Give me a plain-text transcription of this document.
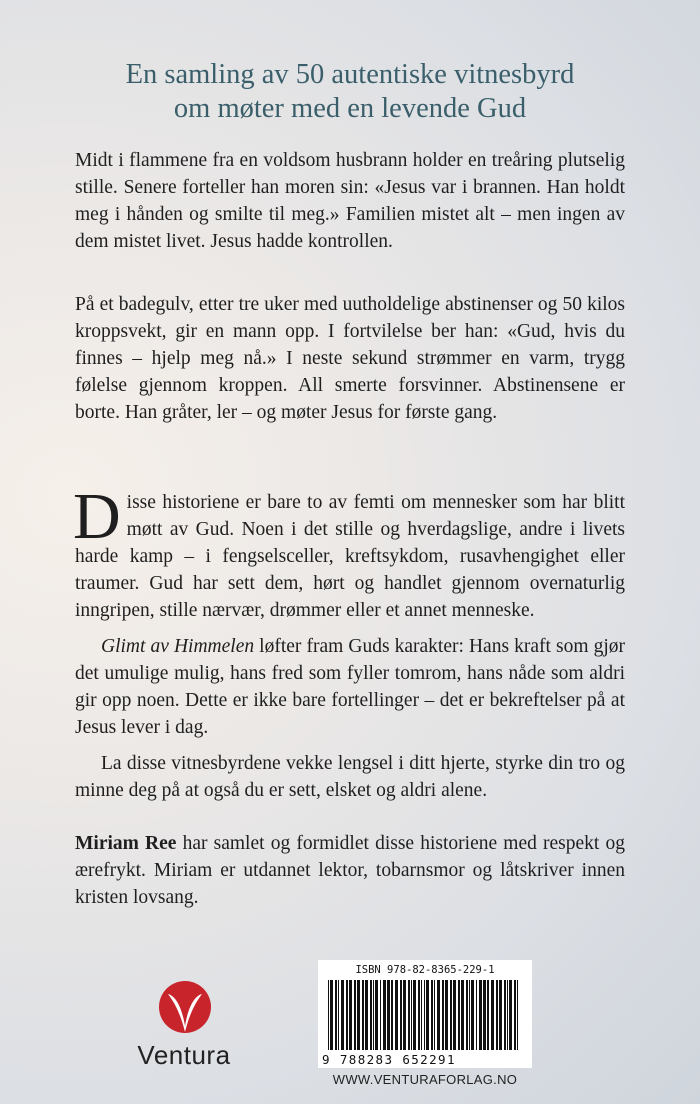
En samling av 50 autentiske vitnesbyrd
om møter med en levende Gud
Midt i flammene fra en voldsom husbrann holder en treåring plutselig stille. Senere forteller han moren sin: «Jesus var i brannen. Han holdt meg i hånden og smilte til meg.» Familien mistet alt – men ingen av dem mistet livet. Jesus hadde kontrollen.
På et badegulv, etter tre uker med uutholdelige abstinenser og 50 kilos kroppsvekt, gir en mann opp. I fortvilelse ber han: «Gud, hvis du finnes – hjelp meg nå.» I neste sekund strømmer en varm, trygg følelse gjennom kroppen. All smerte forsvinner. Abstinensene er borte. Han gråter, ler – og møter Jesus for første gang.

Disse historiene er bare to av femti om mennesker som har blitt møtt av Gud. Noen i det stille og hverdagslige, andre i livets harde kamp – i fengselsceller, kreftsykdom, rusavhengighet eller traumer. Gud har sett dem, hørt og handlet gjennom overnaturlig inngripen, stille nærvær, drømmer eller et annet menneske.

Glimt av Himmelen løfter fram Guds karakter: Hans kraft som gjør det umulige mulig, hans fred som fyller tomrom, hans nåde som aldri gir opp noen. Dette er ikke bare fortellinger – det er bekreftelser på at Jesus lever i dag.

La disse vitnesbyrdene vekke lengsel i ditt hjerte, styrke din tro og minne deg på at også du er sett, elsket og aldri alene.

Miriam Ree har samlet og formidlet disse historiene med respekt og ærefrykt. Miriam er utdannet lektor, tobarnsmor og låtskriver innen kristen lovsang.
Ventura
ISBN 978-82-8365-229-1
9 788283 652291
WWW.VENTURAFORLAG.NO
